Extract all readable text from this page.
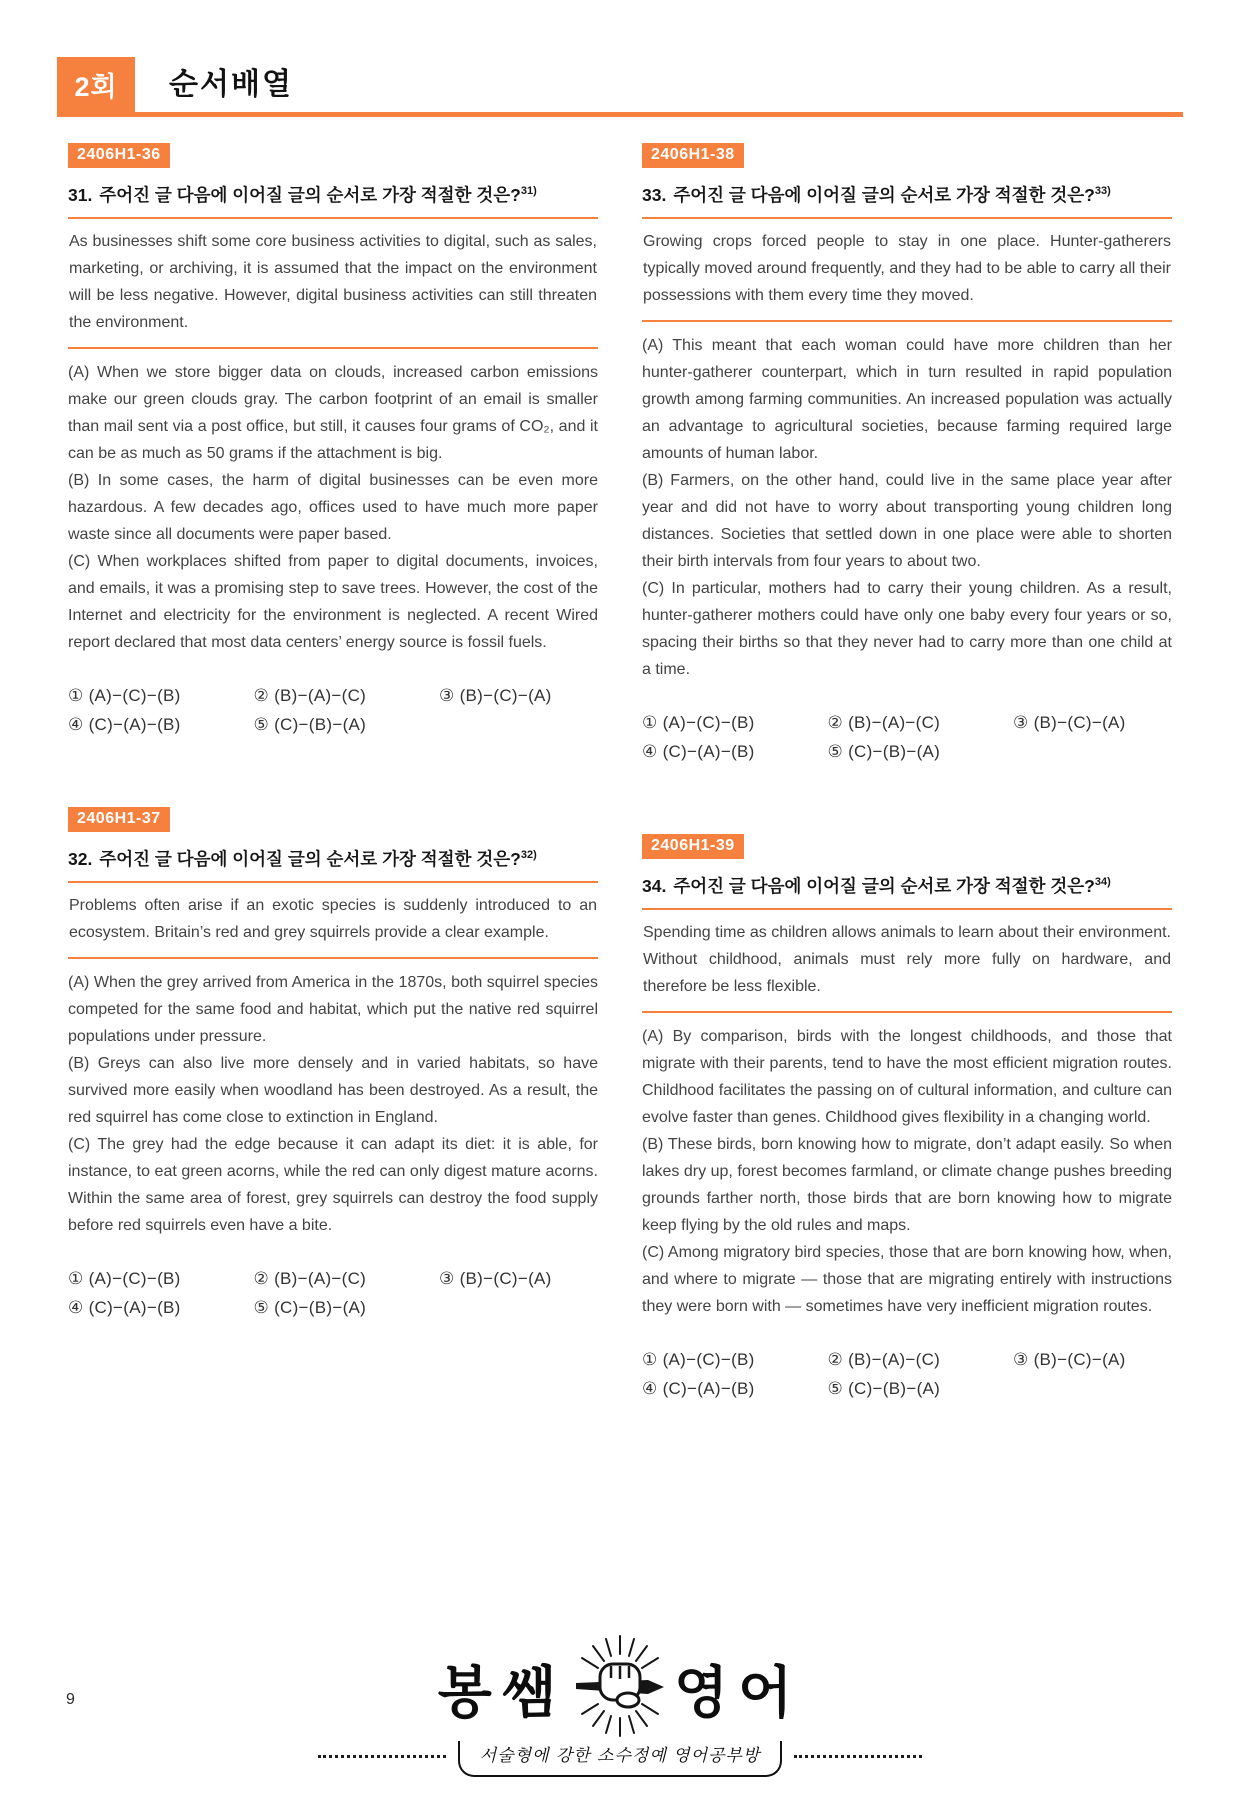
2회	순서배열
2406H1-36
31. 주어진 글 다음에 이어질 글의 순서로 가장 적절한 것은?$^{31)}$
As businesses shift some core business activities to digital, such as sales, marketing, or archiving, it is assumed that the impact on the environment will be less negative. However, digital business activities can still threaten the environment.

(A) When we store bigger data on clouds, increased carbon emissions make our green clouds gray. The carbon footprint of an email is smaller than mail sent via a post office, but still, it causes four grams of CO₂, and it can be as much as 50 grams if the attachment is big.

(B) In some cases, the harm of digital businesses can be even more hazardous. A few decades ago, offices used to have much more paper waste since all documents were paper based.

(C) When workplaces shifted from paper to digital documents, invoices, and emails, it was a promising step to save trees. However, the cost of the Internet and electricity for the environment is neglected. A recent Wired report declared that most data centers’ energy source is fossil fuels.

① (A)−(C)−(B)	② (B)−(A)−(C)	③ (B)−(C)−(A)
④ (C)−(A)−(B)	⑤ (C)−(B)−(A)
2406H1-37
32. 주어진 글 다음에 이어질 글의 순서로 가장 적절한 것은?$^{32)}$
Problems often arise if an exotic species is suddenly introduced to an ecosystem. Britain’s red and grey squirrels provide a clear example.

(A) When the grey arrived from America in the 1870s, both squirrel species competed for the same food and habitat, which put the native red squirrel populations under pressure.

(B) Greys can also live more densely and in varied habitats, so have survived more easily when woodland has been destroyed. As a result, the red squirrel has come close to extinction in England.

(C) The grey had the edge because it can adapt its diet: it is able, for instance, to eat green acorns, while the red can only digest mature acorns. Within the same area of forest, grey squirrels can destroy the food supply before red squirrels even have a bite.

① (A)−(C)−(B)	② (B)−(A)−(C)	③ (B)−(C)−(A)
④ (C)−(A)−(B)	⑤ (C)−(B)−(A)
2406H1-38
33. 주어진 글 다음에 이어질 글의 순서로 가장 적절한 것은?$^{33)}$
Growing crops forced people to stay in one place. Hunter-gatherers typically moved around frequently, and they had to be able to carry all their possessions with them every time they moved.

(A) This meant that each woman could have more children than her hunter-gatherer counterpart, which in turn resulted in rapid population growth among farming communities. An increased population was actually an advantage to agricultural societies, because farming required large amounts of human labor.

(B) Farmers, on the other hand, could live in the same place year after year and did not have to worry about transporting young children long distances. Societies that settled down in one place were able to shorten their birth intervals from four years to about two.

(C) In particular, mothers had to carry their young children. As a result, hunter-gatherer mothers could have only one baby every four years or so, spacing their births so that they never had to carry more than one child at a time.

① (A)−(C)−(B)	② (B)−(A)−(C)	③ (B)−(C)−(A)
④ (C)−(A)−(B)	⑤ (C)−(B)−(A)
2406H1-39
34. 주어진 글 다음에 이어질 글의 순서로 가장 적절한 것은?$^{34)}$
Spending time as children allows animals to learn about their environment. Without childhood, animals must rely more fully on hardware, and therefore be less flexible.

(A) By comparison, birds with the longest childhoods, and those that migrate with their parents, tend to have the most efficient migration routes. Childhood facilitates the passing on of cultural information, and culture can evolve faster than genes. Childhood gives flexibility in a changing world.

(B) These birds, born knowing how to migrate, don’t adapt easily. So when lakes dry up, forest becomes farmland, or climate change pushes breeding grounds farther north, those birds that are born knowing how to migrate keep flying by the old rules and maps.

(C) Among migratory bird species, those that are born knowing how, when, and where to migrate — those that are migrating entirely with instructions they were born with — sometimes have very inefficient migration routes.

① (A)−(C)−(B)	② (B)−(A)−(C)	③ (B)−(C)−(A)
④ (C)−(A)−(B)	⑤ (C)−(B)−(A)
9	봉쌤 영어
서술형에 강한 소수정예 영어공부방
